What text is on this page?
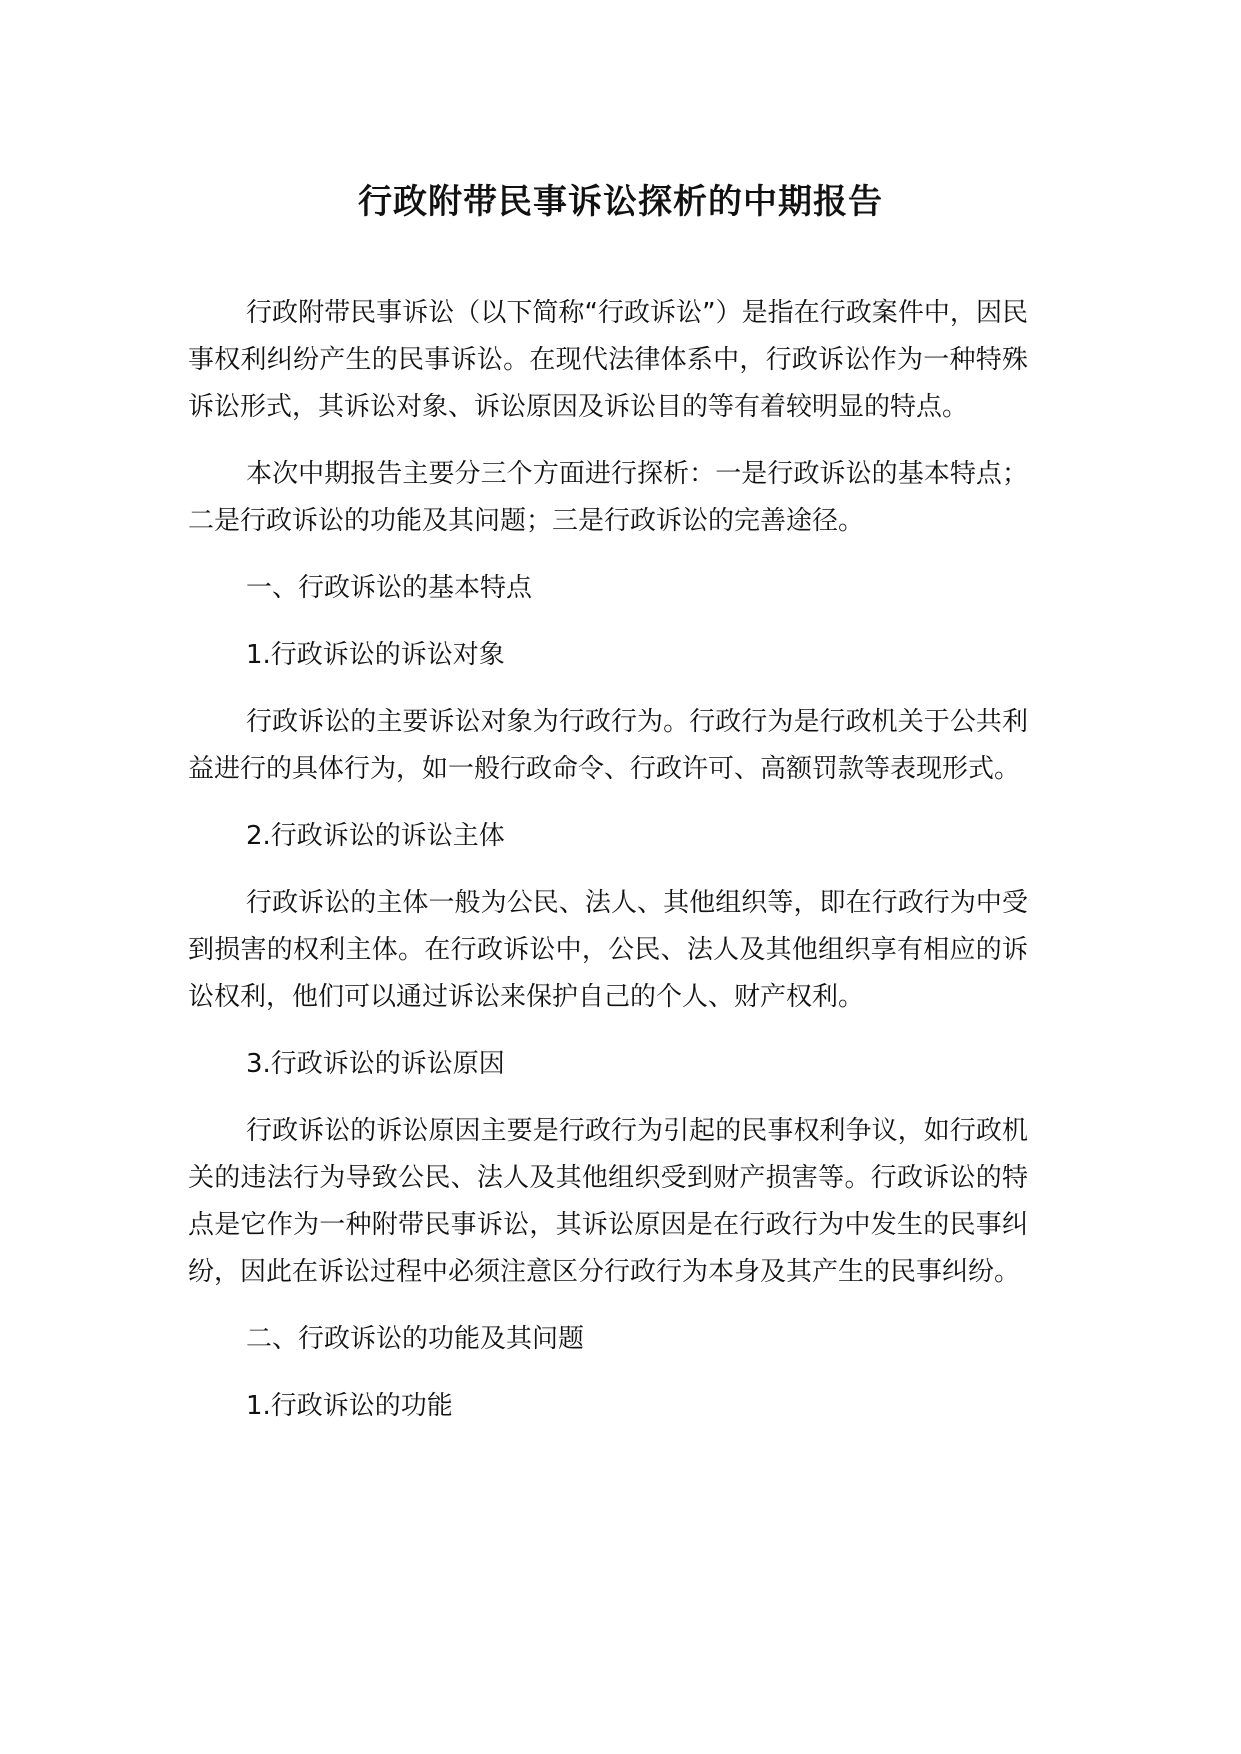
行政附带民事诉讼探析的中期报告

行政附带民事诉讼（以下简称“行政诉讼”）是指在行政案件中，因民事权利纠纷产生的民事诉讼。在现代法律体系中，行政诉讼作为一种特殊诉讼形式，其诉讼对象、诉讼原因及诉讼目的等有着较明显的特点。

本次中期报告主要分三个方面进行探析：一是行政诉讼的基本特点；二是行政诉讼的功能及其问题；三是行政诉讼的完善途径。

一、行政诉讼的基本特点

1.行政诉讼的诉讼对象

行政诉讼的主要诉讼对象为行政行为。行政行为是行政机关于公共利益进行的具体行为，如一般行政命令、行政许可、高额罚款等表现形式。

2.行政诉讼的诉讼主体

行政诉讼的主体一般为公民、法人、其他组织等，即在行政行为中受到损害的权利主体。在行政诉讼中，公民、法人及其他组织享有相应的诉讼权利，他们可以通过诉讼来保护自己的个人、财产权利。

3.行政诉讼的诉讼原因

行政诉讼的诉讼原因主要是行政行为引起的民事权利争议，如行政机关的违法行为导致公民、法人及其他组织受到财产损害等。行政诉讼的特点是它作为一种附带民事诉讼，其诉讼原因是在行政行为中发生的民事纠纷，因此在诉讼过程中必须注意区分行政行为本身及其产生的民事纠纷。

二、行政诉讼的功能及其问题

1.行政诉讼的功能
